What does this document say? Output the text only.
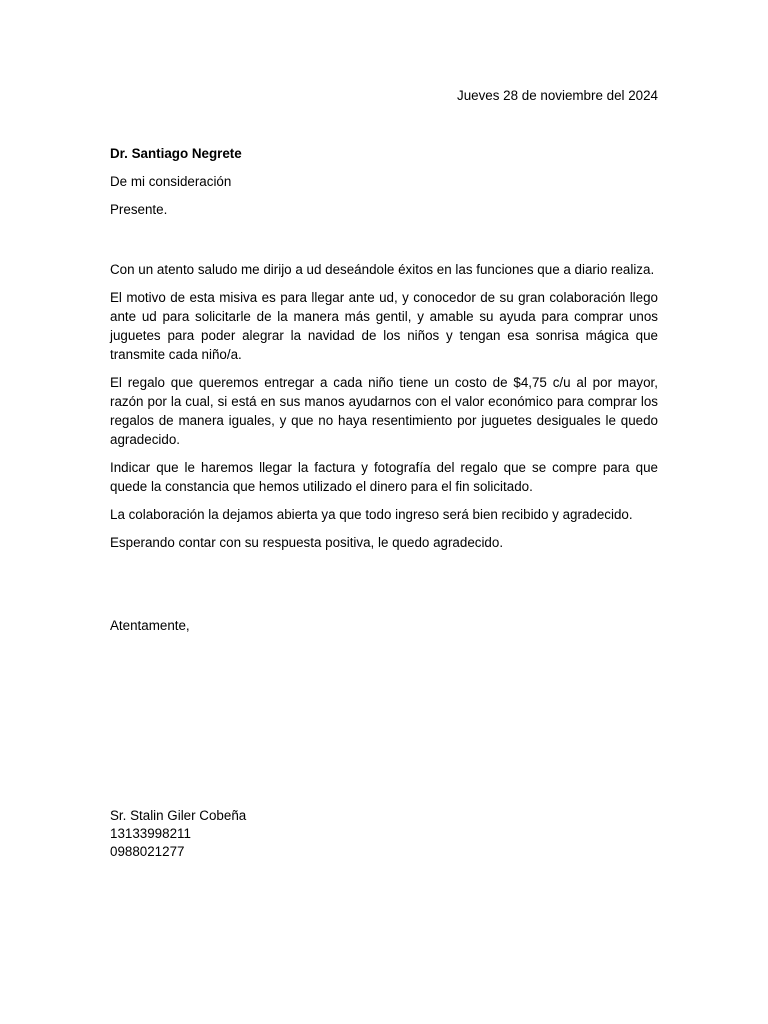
Jueves 28 de noviembre del 2024

Dr. Santiago Negrete

De mi consideración

Presente.

Con un atento saludo me dirijo a ud deseándole éxitos en las funciones que a diario realiza.

El motivo de esta misiva es para llegar ante ud, y conocedor de su gran colaboración llego ante ud para solicitarle de la manera más gentil, y amable su ayuda para comprar unos juguetes para poder alegrar la navidad de los niños y tengan esa sonrisa mágica que transmite cada niño/a.

El regalo que queremos entregar a cada niño tiene un costo de $4,75 c/u al por mayor, razón por la cual, si está en sus manos ayudarnos con el valor económico para comprar los regalos de manera iguales, y que no haya resentimiento por juguetes desiguales le quedo agradecido.

Indicar que le haremos llegar la factura y fotografía del regalo que se compre para que quede la constancia que hemos utilizado el dinero para el fin solicitado.

La colaboración la dejamos abierta ya que todo ingreso será bien recibido y agradecido.

Esperando contar con su respuesta positiva, le quedo agradecido.

Atentamente,
Sr. Stalin Giler Cobeña
13133998211
0988021277
